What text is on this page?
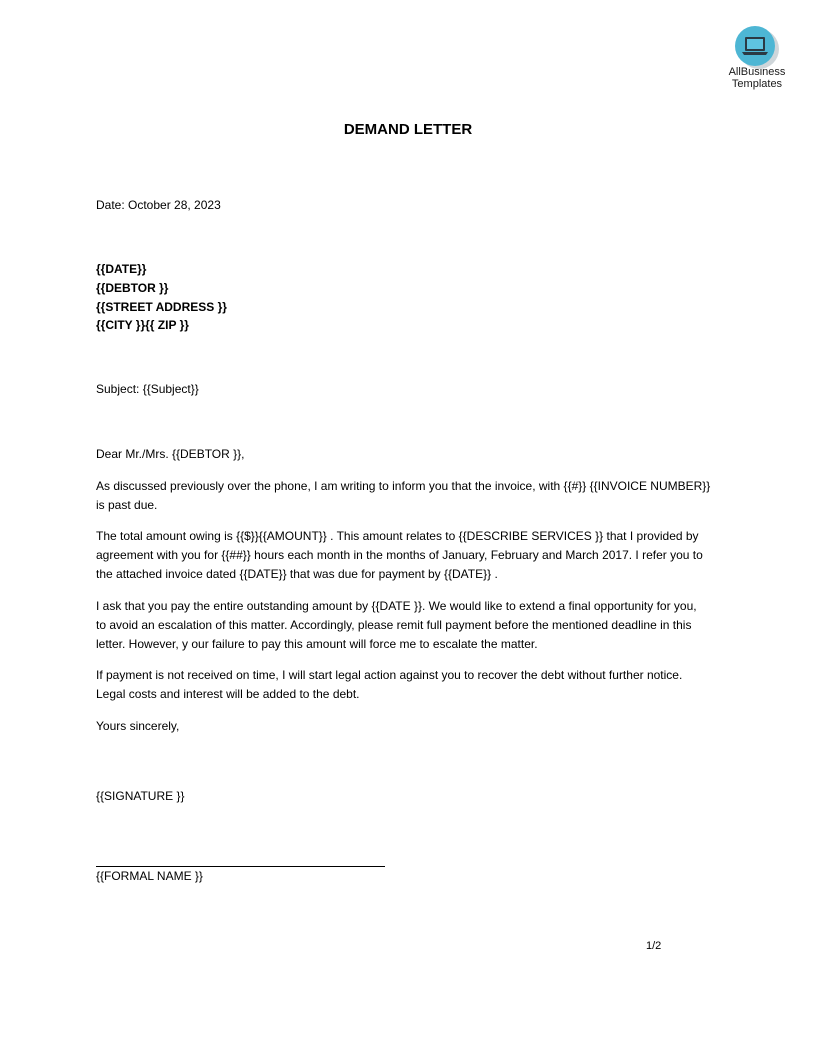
AllBusiness
Templates
DEMAND LETTER
Date: October 28, 2023
{{DATE}}
{{DEBTOR }}
{{STREET ADDRESS }}
{{CITY }}{{ ZIP }}
Subject: {{Subject}}
Dear Mr./Mrs. {{DEBTOR }},
As discussed previously over the phone, I am writing to inform you that the invoice, with {{#}} {{INVOICE NUMBER}}
is past due.
The total amount owing is {{$}}{{AMOUNT}} . This amount relates to {{DESCRIBE SERVICES }} that I provided by
agreement with you for {{##}} hours each month in the months of January, February and March 2017. I refer you to
the attached invoice dated {{DATE}} that was due for payment by {{DATE}} .
I ask that you pay the entire outstanding amount by {{DATE }}. We would like to extend a final opportunity for you,
to avoid an escalation of this matter. Accordingly, please remit full payment before the mentioned deadline in this
letter. However, y our failure to pay this amount will force me to escalate the matter.
If payment is not received on time, I will start legal action against you to recover the debt without further notice.
Legal costs and interest will be added to the debt.
Yours sincerely,
{{SIGNATURE }}
{{FORMAL NAME }}
1/2
